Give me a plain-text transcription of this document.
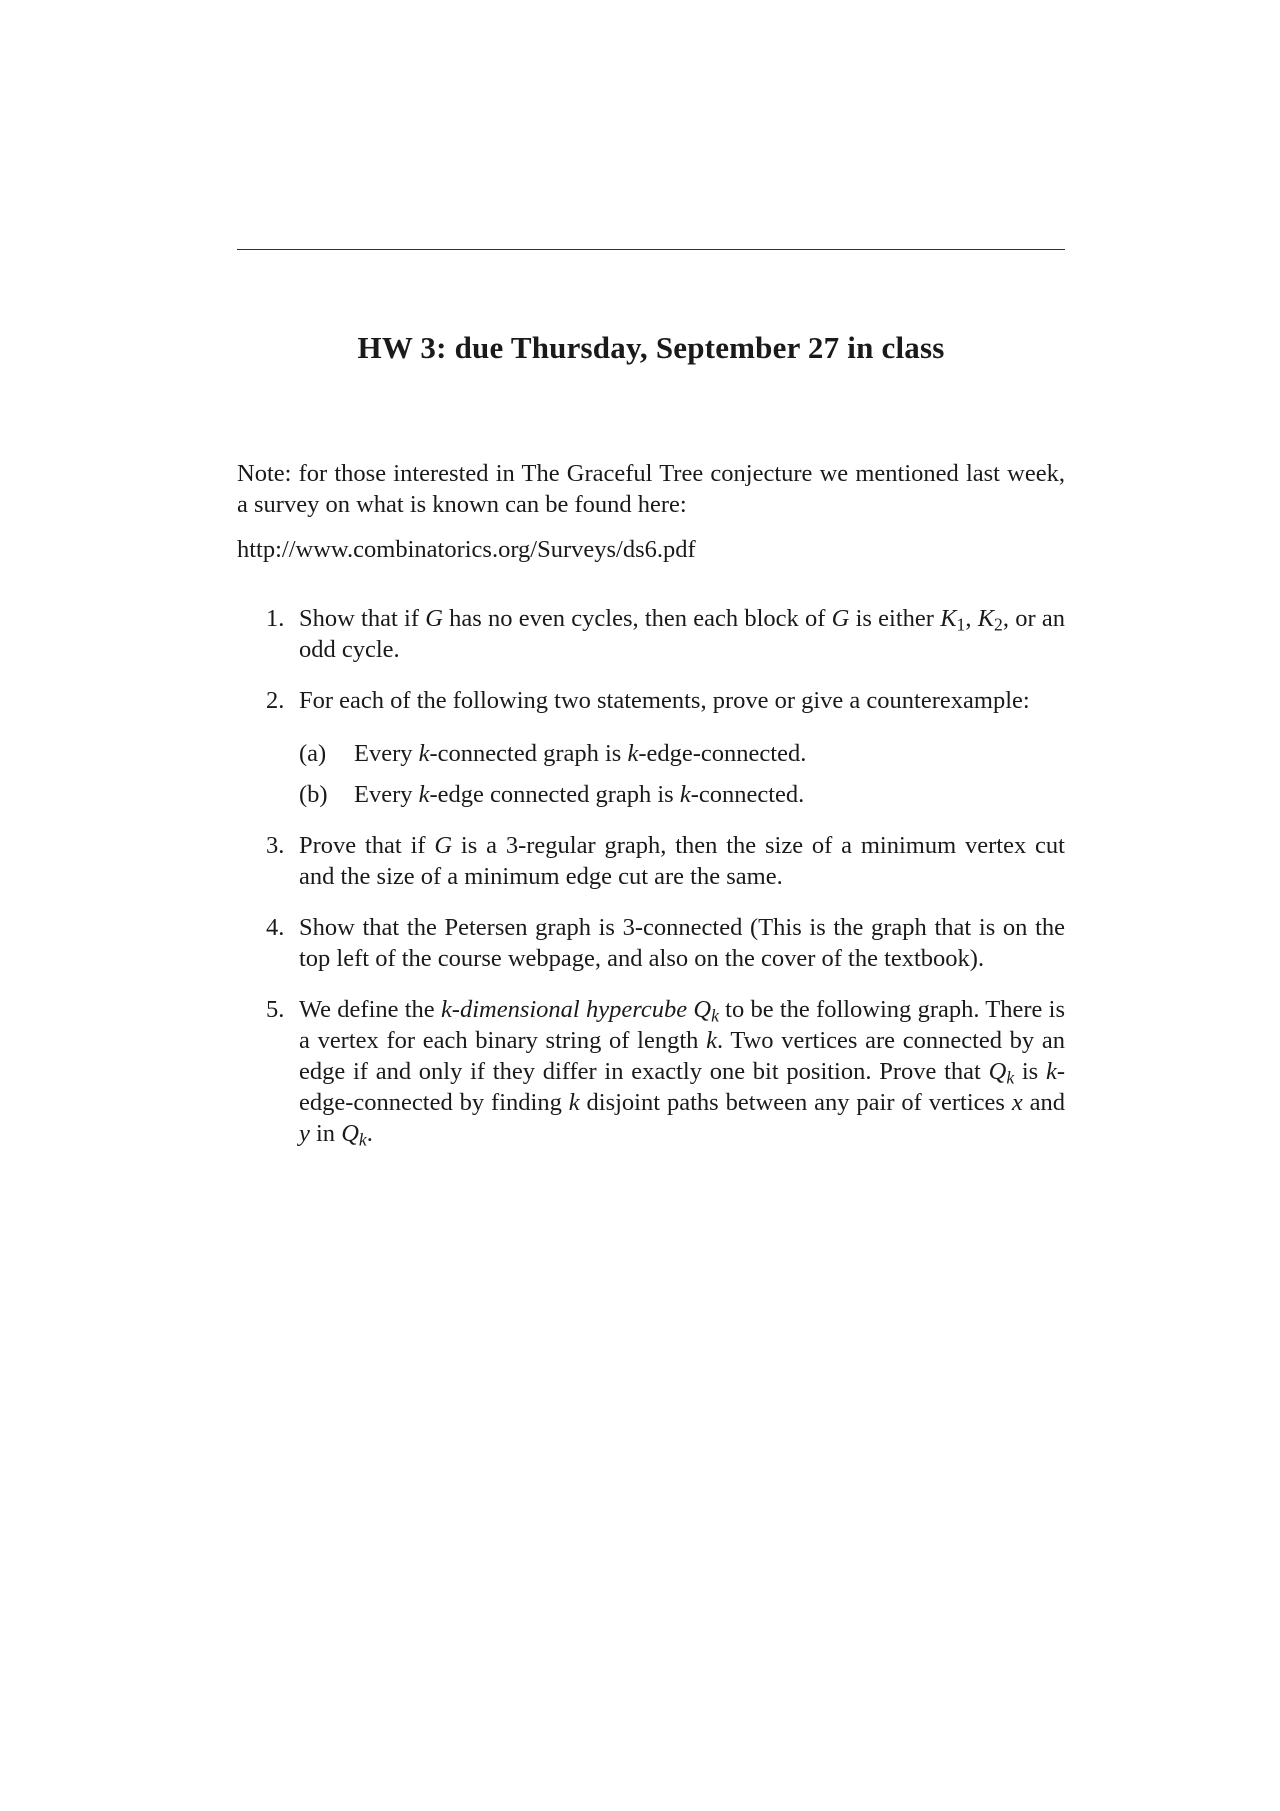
HW 3: due Thursday, September 27 in class

Note: for those interested in The Graceful Tree conjecture we mentioned last week, a survey on what is known can be found here:

http://www.combinatorics.org/Surveys/ds6.pdf

1. Show that if G has no even cycles, then each block of G is either $K_1$, $K_2$, or an odd cycle.
2. For each of the following two statements, prove or give a counterexample:
(a) Every k-connected graph is k-edge-connected.
(b) Every k-edge connected graph is k-connected.
3. Prove that if G is a 3-regular graph, then the size of a minimum vertex cut and the size of a minimum edge cut are the same.
4. Show that the Petersen graph is 3-connected (This is the graph that is on the top left of the course webpage, and also on the cover of the textbook).
5. We define the k-dimensional hypercube $Q_k$ to be the following graph. There is a vertex for each binary string of length k. Two vertices are connected by an edge if and only if they differ in exactly one bit position. Prove that $Q_k$ is k-edge-connected by finding k disjoint paths between any pair of vertices x and y in $Q_k$.
